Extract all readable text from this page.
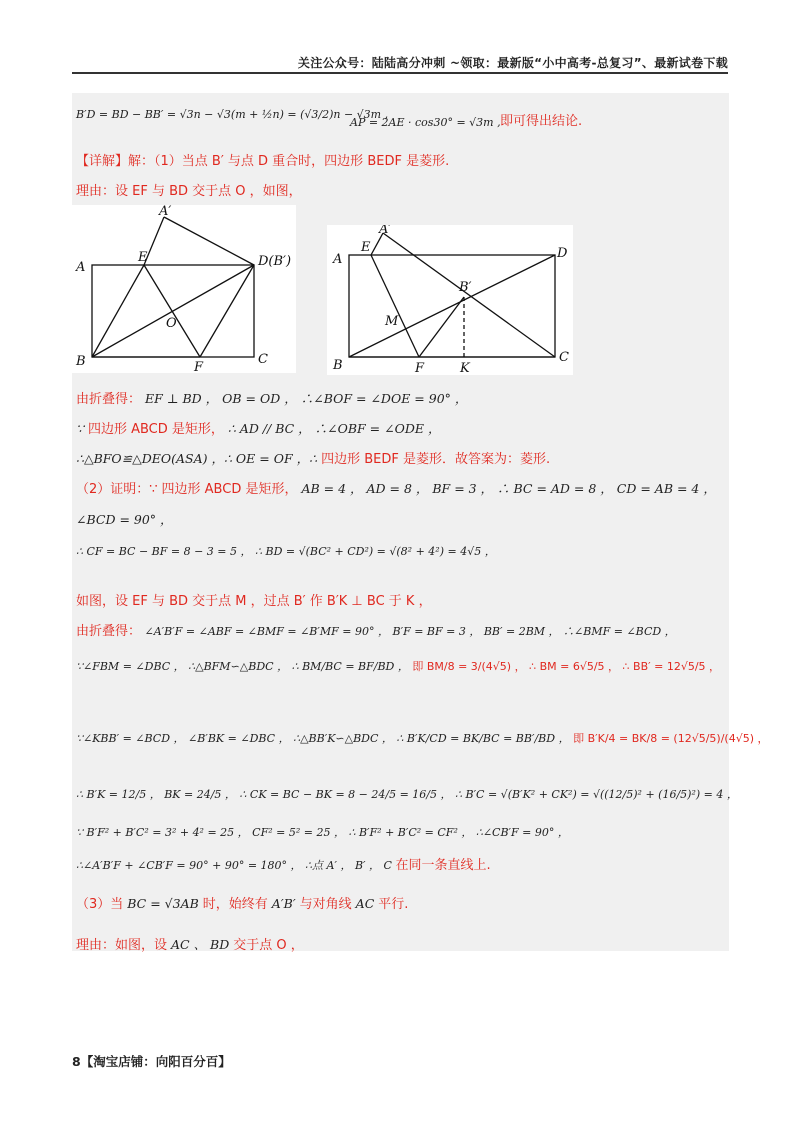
关注公众号：陆陆高分冲刺 ~领取：最新版“小中高考-总复习”、最新试卷下载
B′D = BD − BB′ = √3n − √3(m + ½n) = (√3/2)n − √3m ,
AP = 2AE · cos30° = √3m , 即可得出结论.
【详解】解：（1）当点 B′ 与点 D 重合时，四边形 BEDF 是菱形.
理由：设 EF 与 BD 交于点 O ，如图，
A′
E
A	D(B′)
O
B	F
C
A′
E
A	D
B′
M
B	F	K
C
由折叠得： EF ⊥ BD ， OB = OD ， ∴∠BOF = ∠DOE = 90° ，
∵ 四边形 ABCD 是矩形， ∴ AD // BC ， ∴∠OBF = ∠ODE ，
∴△BFO≌△DEO(ASA) ，∴ OE = OF ，∴ 四边形 BEDF 是菱形．故答案为：菱形.
（2）证明：∵ 四边形 ABCD 是矩形， AB = 4 ， AD = 8 ， BF = 3 ， ∴ BC = AD = 8 ， CD = AB = 4 ，
∠BCD = 90° ，
∴ CF = BC − BF = 8 − 3 = 5 ， ∴ BD = √(BC² + CD²) = √(8² + 4²) = 4√5 ，
如图，设 EF 与 BD 交于点 M ，过点 B′ 作 B′K ⊥ BC 于 K ，
由折叠得： ∠A′B′F = ∠ABF = ∠BMF = ∠B′MF = 90° ， B′F = BF = 3 ， BB′ = 2BM ， ∴∠BMF = ∠BCD ，
∵∠FBM = ∠DBC ， ∴△BFM∽△BDC ， ∴ BM/BC = BF/BD ， 即 BM/8 = 3/(4√5) ， ∴ BM = 6√5/5 ， ∴ BB′ = 12√5/5 ，
∵∠KBB′ = ∠BCD ， ∠B′BK = ∠DBC ， ∴△BB′K∽△BDC ， ∴ B′K/CD = BK/BC = BB′/BD ， 即 B′K/4 = BK/8 = (12√5/5)/(4√5) ，
∴ B′K = 12/5 ， BK = 24/5 ， ∴ CK = BC − BK = 8 − 24/5 = 16/5 ， ∴ B′C = √(B′K² + CK²) = √((12/5)² + (16/5)²) = 4 ，
∵ B′F² + B′C² = 3² + 4² = 25 ， CF² = 5² = 25 ， ∴ B′F² + B′C² = CF² ， ∴∠CB′F = 90° ，
∴∠A′B′F + ∠CB′F = 90° + 90° = 180° ， ∴点 A′ ， B′ ， C 在同一条直线上.
（3）当 BC = √3AB 时，始终有 A′B′ 与对角线 AC 平行.
理由：如图，设 AC 、 BD 交于点 O ，
8【淘宝店铺：向阳百分百】
